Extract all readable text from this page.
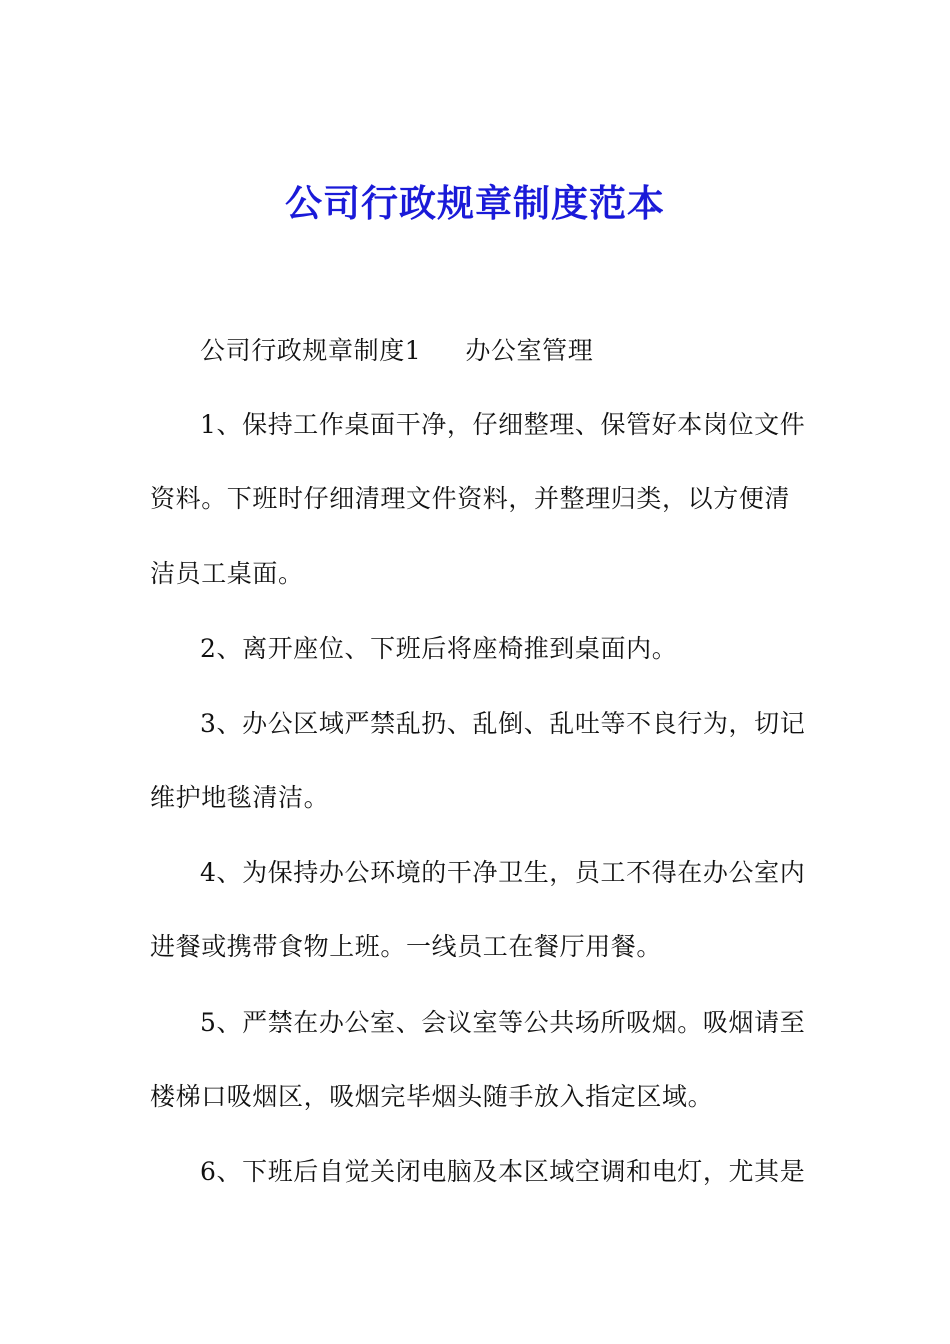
公司行政规章制度范本
公司行政规章制度1 办公室管理
1、保持工作桌面干净，仔细整理、保管好本岗位文件
资料。下班时仔细清理文件资料，并整理归类，以方便清
洁员工桌面。
2、离开座位、下班后将座椅推到桌面内。
3、办公区域严禁乱扔、乱倒、乱吐等不良行为，切记
维护地毯清洁。
4、为保持办公环境的干净卫生，员工不得在办公室内
进餐或携带食物上班。一线员工在餐厅用餐。
5、严禁在办公室、会议室等公共场所吸烟。吸烟请至
楼梯口吸烟区，吸烟完毕烟头随手放入指定区域。
6、下班后自觉关闭电脑及本区域空调和电灯，尤其是
